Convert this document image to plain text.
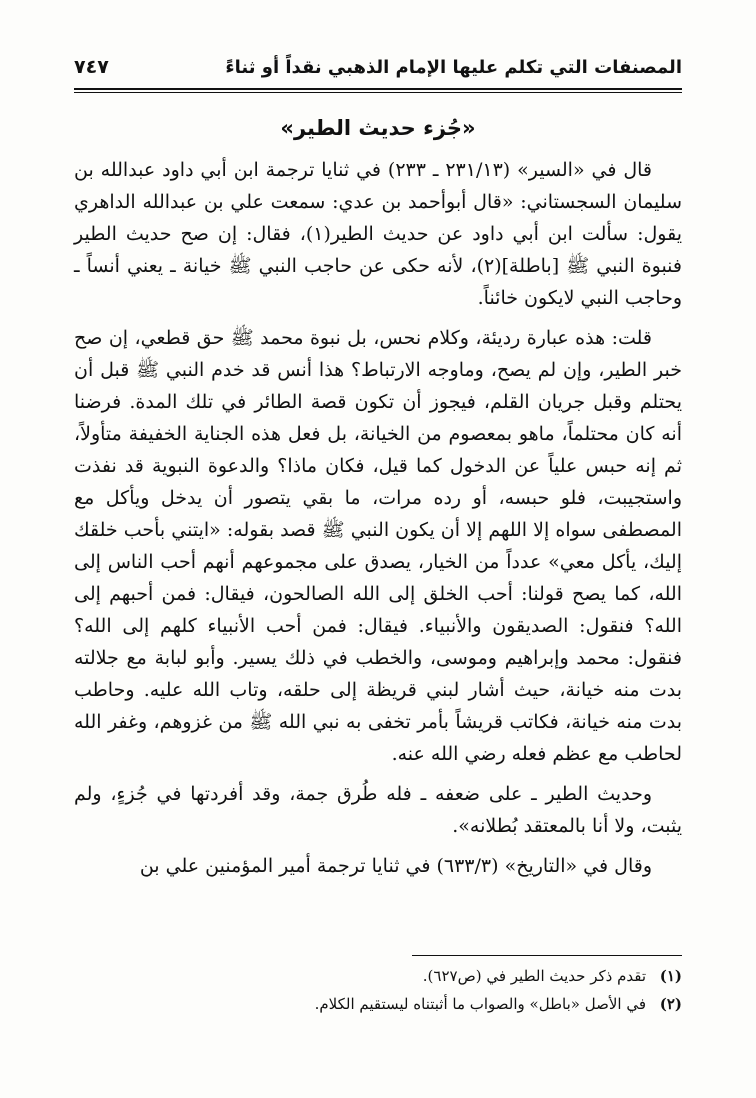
المصنفات التي تكلم عليها الإمام الذهبي نقداً أو ثناءً
٧٤٧
«جُزء حديث الطير»

قال في «السير» (٢٣١/١٣ ـ ٢٣٣) في ثنايا ترجمة ابن أبي داود عبدالله بن سليمان السجستاني: «قال أبوأحمد بن عدي: سمعت علي بن عبدالله الداهري يقول: سألت ابن أبي داود عن حديث الطير(١)، فقال: إن صح حديث الطير فنبوة النبي ﷺ [باطلة](٢)، لأنه حكى عن حاجب النبي ﷺ خيانة ـ يعني أنساً ـ وحاجب النبي لايكون خائناً.

قلت: هذه عبارة رديئة، وكلام نحس، بل نبوة محمد ﷺ حق قطعي، إن صح خبر الطير، وإن لم يصح، وماوجه الارتباط؟ هذا أنس قد خدم النبي ﷺ قبل أن يحتلم وقبل جريان القلم، فيجوز أن تكون قصة الطائر في تلك المدة. فرضنا أنه كان محتلماً، ماهو بمعصوم من الخيانة، بل فعل هذه الجناية الخفيفة متأولاً، ثم إنه حبس علياً عن الدخول كما قيل، فكان ماذا؟ والدعوة النبوية قد نفذت واستجيبت، فلو حبسه، أو رده مرات، ما بقي يتصور أن يدخل ويأكل مع المصطفى سواه إلا اللهم إلا أن يكون النبي ﷺ قصد بقوله: «ايتني بأحب خلقك إليك، يأكل معي» عدداً من الخيار، يصدق على مجموعهم أنهم أحب الناس إلى الله، كما يصح قولنا: أحب الخلق إلى الله الصالحون، فيقال: فمن أحبهم إلى الله؟ فنقول: الصديقون والأنبياء. فيقال: فمن أحب الأنبياء كلهم إلى الله؟ فنقول: محمد وإبراهيم وموسى، والخطب في ذلك يسير. وأبو لبابة مع جلالته بدت منه خيانة، حيث أشار لبني قريظة إلى حلقه، وتاب الله عليه. وحاطب بدت منه خيانة، فكاتب قريشاً بأمر تخفى به نبي الله ﷺ من غزوهم، وغفر الله لحاطب مع عظم فعله رضي الله عنه.

وحديث الطير ـ على ضعفه ـ فله طُرق جمة، وقد أفردتها في جُزءٍ، ولم يثبت، ولا أنا بالمعتقد بُطلانه».

وقال في «التاريخ» (٦٣٣/٣) في ثنايا ترجمة أمير المؤمنين علي بن

(١)
تقدم ذكر حديث الطير في (ص٦٢٧).
(٢)
في الأصل «باطل» والصواب ما أثبتناه ليستقيم الكلام.
